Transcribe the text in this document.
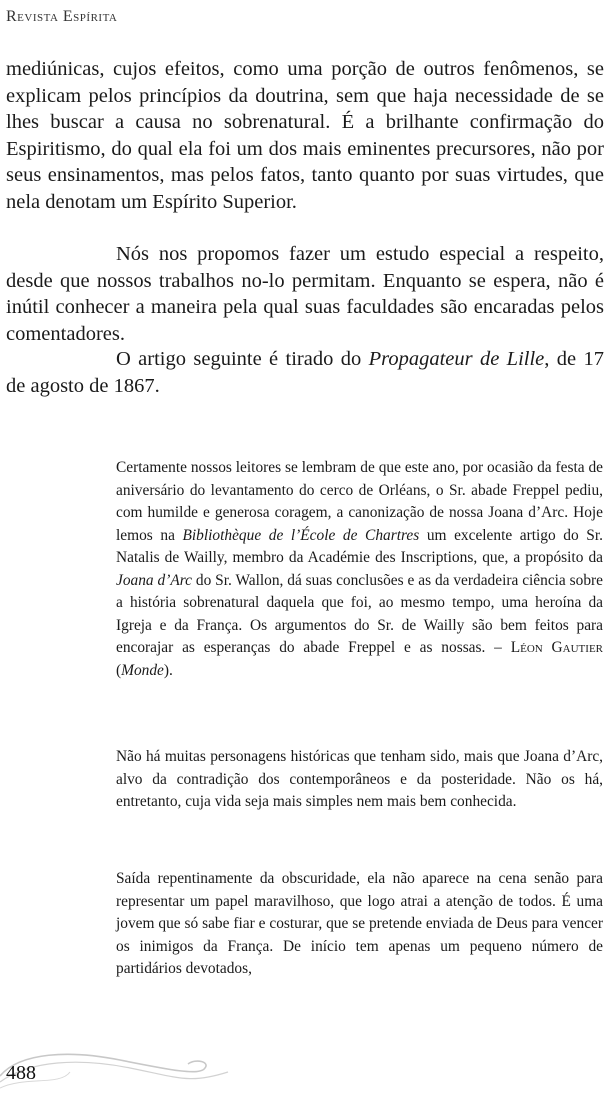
Revista Espírita

mediúnicas, cujos efeitos, como uma porção de outros fenômenos, se explicam pelos princípios da doutrina, sem que haja necessidade de se lhes buscar a causa no sobrenatural. É a brilhante confirmação do Espiritismo, do qual ela foi um dos mais eminentes precursores, não por seus ensinamentos, mas pelos fatos, tanto quanto por suas virtudes, que nela denotam um Espírito Superior.

Nós nos propomos fazer um estudo especial a respeito, desde que nossos trabalhos no-lo permitam. Enquanto se espera, não é inútil conhecer a maneira pela qual suas faculdades são encaradas pelos comentadores.

O artigo seguinte é tirado do Propagateur de Lille, de 17 de agosto de 1867.

Certamente nossos leitores se lembram de que este ano, por ocasião da festa de aniversário do levantamento do cerco de Orléans, o Sr. abade Freppel pediu, com humilde e generosa coragem, a canonização de nossa Joana d’Arc. Hoje lemos na Bibliothèque de l’École de Chartres um excelente artigo do Sr. Natalis de Wailly, membro da Académie des Inscriptions, que, a propósito da Joana d’Arc do Sr. Wallon, dá suas conclusões e as da verdadeira ciência sobre a história sobrenatural daquela que foi, ao mesmo tempo, uma heroína da Igreja e da França. Os argumentos do Sr. de Wailly são bem feitos para encorajar as esperanças do abade Freppel e as nossas. – Léon Gautier (Monde).

Não há muitas personagens históricas que tenham sido, mais que Joana d’Arc, alvo da contradição dos contemporâneos e da posteridade. Não os há, entretanto, cuja vida seja mais simples nem mais bem conhecida.

Saída repentinamente da obscuridade, ela não aparece na cena senão para representar um papel maravilhoso, que logo atrai a atenção de todos. É uma jovem que só sabe fiar e costurar, que se pretende enviada de Deus para vencer os inimigos da França. De início tem apenas um pequeno número de partidários devotados,

488
